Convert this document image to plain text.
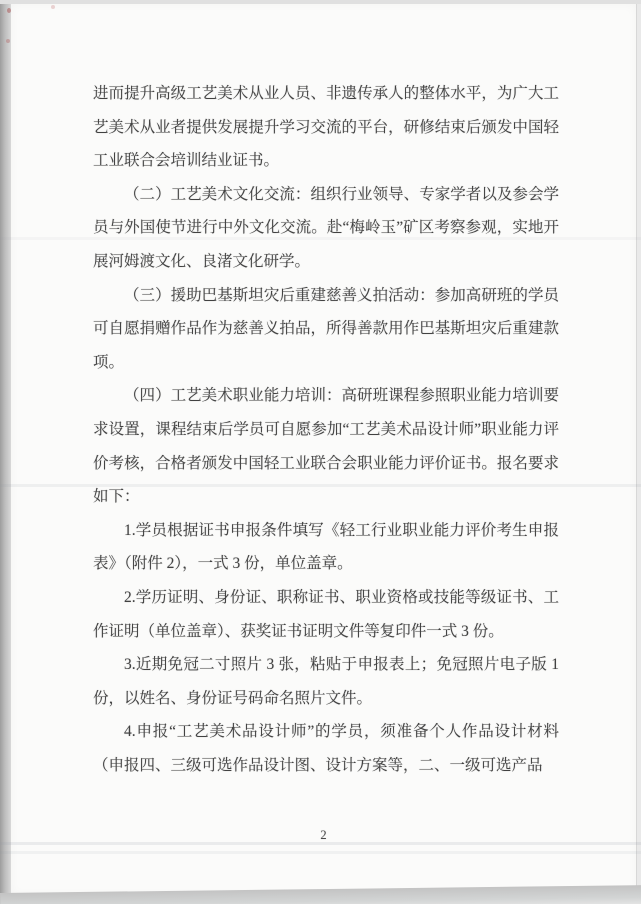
进而提升高级工艺美术从业人员、非遗传承人的整体水平，为广大工艺美术从业者提供发展提升学习交流的平台，研修结束后颁发中国轻工业联合会培训结业证书。

（二）工艺美术文化交流：组织行业领导、专家学者以及参会学员与外国使节进行中外文化交流。赴“梅岭玉”矿区考察参观，实地开展河姆渡文化、良渚文化研学。

（三）援助巴基斯坦灾后重建慈善义拍活动：参加高研班的学员可自愿捐赠作品作为慈善义拍品，所得善款用作巴基斯坦灾后重建款项。

（四）工艺美术职业能力培训：高研班课程参照职业能力培训要求设置，课程结束后学员可自愿参加“工艺美术品设计师”职业能力评价考核，合格者颁发中国轻工业联合会职业能力评价证书。报名要求如下：

1.学员根据证书申报条件填写《轻工行业职业能力评价考生申报表》（附件 2），一式 3 份，单位盖章。

2.学历证明、身份证、职称证书、职业资格或技能等级证书、工作证明（单位盖章）、获奖证书证明文件等复印件一式 3 份。

3.近期免冠二寸照片 3 张，粘贴于申报表上；免冠照片电子版 1 份，以姓名、身份证号码命名照片文件。

4.申报“工艺美术品设计师”的学员，须准备个人作品设计材料（申报四、三级可选作品设计图、设计方案等，二、一级可选产品

2
